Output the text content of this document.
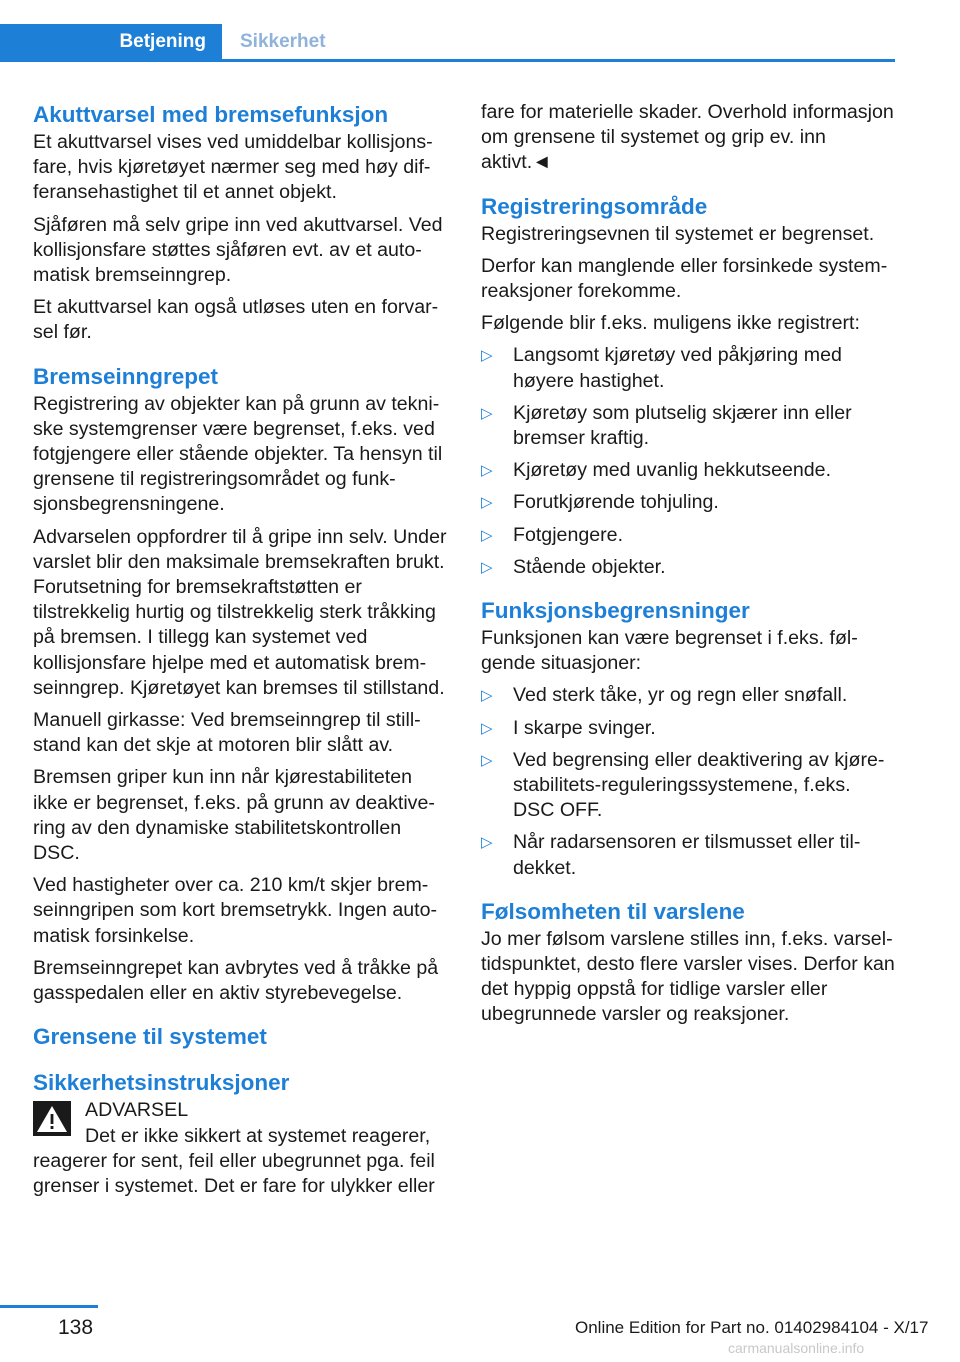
Betjening	Sikkerhet
Akuttvarsel med bremsefunksjon

Et akuttvarsel vises ved umiddelbar kollisjonsfare, hvis kjøretøyet nærmer seg med høy differansehastighet til et annet objekt.

Sjåføren må selv gripe inn ved akuttvarsel. Ved kollisjonsfare støttes sjåføren evt. av et automatisk bremseinngrep.

Et akuttvarsel kan også utløses uten en forvarsel før.

Bremseinngrepet

Registrering av objekter kan på grunn av tekniske systemgrenser være begrenset, f.eks. ved fotgjengere eller stående objekter. Ta hensyn til grensene til registreringsområdet og funksjonsbegrensningene.

Advarselen oppfordrer til å gripe inn selv. Under varslet blir den maksimale bremsekraften brukt. Forutsetning for bremsekraftstøtten er tilstrekkelig hurtig og tilstrekkelig sterk tråkking på bremsen. I tillegg kan systemet ved kollisjonsfare hjelpe med et automatisk bremseinngrep. Kjøretøyet kan bremses til stillstand.

Manuell girkasse: Ved bremseinngrep til stillstand kan det skje at motoren blir slått av.

Bremsen griper kun inn når kjørestabiliteten ikke er begrenset, f.eks. på grunn av deaktivering av den dynamiske stabilitetskontrollen DSC.

Ved hastigheter over ca. 210 km/t skjer bremseinngripen som kort bremsetrykk. Ingen automatisk forsinkelse.

Bremseinngrepet kan avbrytes ved å tråkke på gasspedalen eller en aktiv styrebevegelse.

Grensene til systemet
Sikkerhetsinstruksjoner

ADVARSEL

Det er ikke sikkert at systemet reagerer,

reagerer for sent, feil eller ubegrunnet pga. feil grenser i systemet. Det er fare for ulykker eller

fare for materielle skader. Overhold informasjon om grensene til systemet og grip ev. inn aktivt.◄

Registreringsområde

Registreringsevnen til systemet er begrenset.

Derfor kan manglende eller forsinkede systemreaksjoner forekomme.

Følgende blir f.eks. muligens ikke registrert:

▷ Langsomt kjøretøy ved påkjøring med høyere hastighet.
▷ Kjøretøy som plutselig skjærer inn eller bremser kraftig.
▷ Kjøretøy med uvanlig hekkutseende.
▷ Forutkjørende tohjuling.
▷ Fotgjengere.
▷ Stående objekter.
Funksjonsbegrensninger

Funksjonen kan være begrenset i f.eks. følgende situasjoner:

▷ Ved sterk tåke, yr og regn eller snøfall.
▷ I skarpe svinger.
▷ Ved begrensing eller deaktivering av kjørestabilitets-reguleringssystemene, f.eks. DSC OFF.
▷ Når radarsensoren er tilsmusset eller tildekket.
Følsomheten til varslene

Jo mer følsom varslene stilles inn, f.eks. varseltidspunktet, desto flere varsler vises. Derfor kan det hyppig oppstå for tidlige varsler eller ubegrunnede varsler og reaksjoner.

138	Online Edition for Part no. 01402984104 - X/17
carmanualsonline.info
